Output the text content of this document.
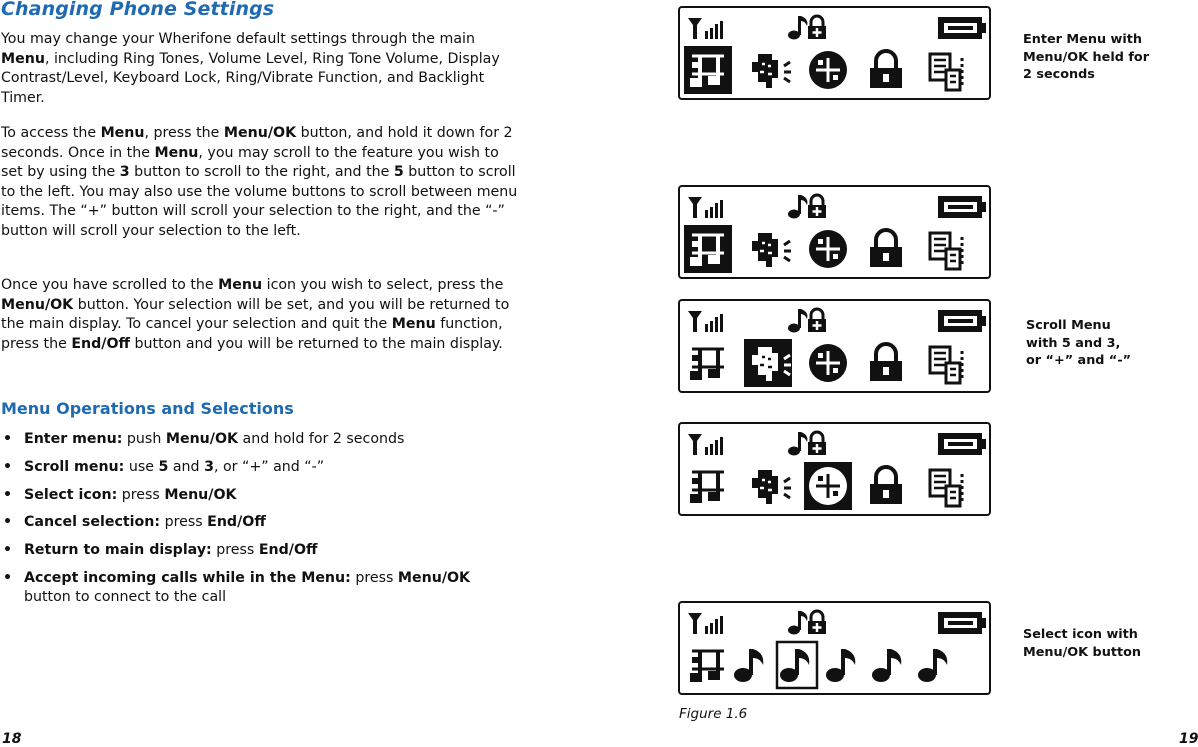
Changing Phone Settings

You may change your Wherifone default settings through the main Menu, including Ring Tones, Volume Level, Ring Tone Volume, Display Contrast/Level, Keyboard Lock, Ring/Vibrate Function, and Backlight Timer.

To access the Menu, press the Menu/OK button, and hold it down for 2 seconds. Once in the Menu, you may scroll to the feature you wish to set by using the 3 button to scroll to the right, and the 5 button to scroll to the left. You may also use the volume buttons to scroll between menu items. The “+” button will scroll your selection to the right, and the “-” button will scroll your selection to the left.

Once you have scrolled to the Menu icon you wish to select, press the Menu/OK button. Your selection will be set, and you will be returned to the main display. To cancel your selection and quit the Menu function, press the End/Off button and you will be returned to the main display.

Menu Operations and Selections
• Enter menu: push Menu/OK and hold for 2 seconds
• Scroll menu: use 5 and 3, or “+” and “-”
• Select icon: press Menu/OK
• Cancel selection: press End/Off
• Return to main display: press End/Off
• Accept incoming calls while in the Menu: press Menu/OK button to connect to the call
18	19
Enter Menu with
Menu/OK held for
2 seconds
Scroll Menu
with 5 and 3,
or “+” and “-”
Select icon with
Menu/OK button
Figure 1.6
